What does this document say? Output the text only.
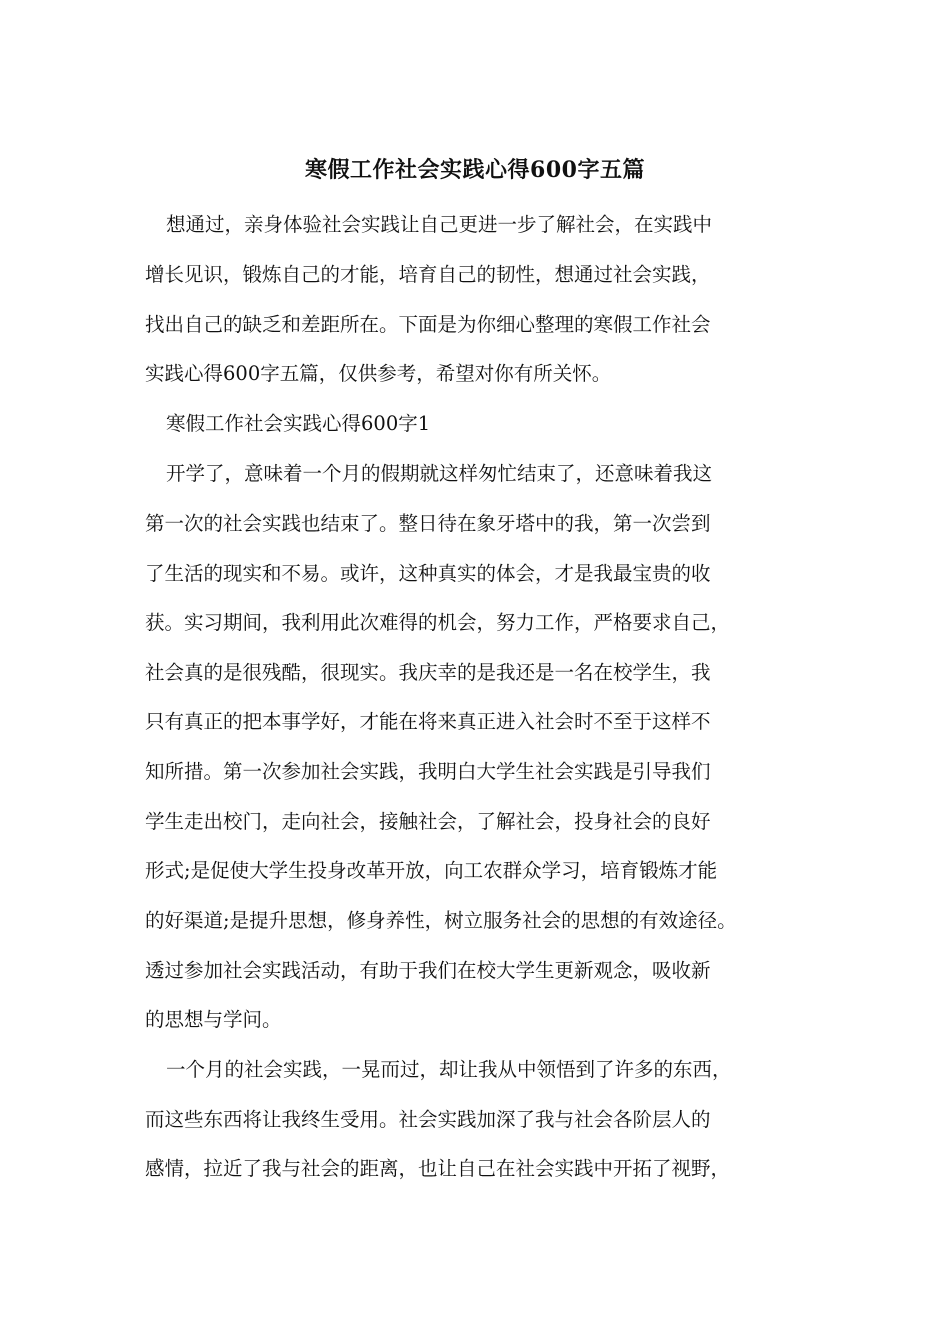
寒假工作社会实践心得600字五篇
想通过，亲身体验社会实践让自己更进一步了解社会，在实践中
增长见识，锻炼自己的才能，培育自己的韧性，想通过社会实践，
找出自己的缺乏和差距所在。下面是为你细心整理的寒假工作社会
实践心得600字五篇，仅供参考，希望对你有所关怀。
寒假工作社会实践心得600字1
开学了，意味着一个月的假期就这样匆忙结束了，还意味着我这
第一次的社会实践也结束了。整日待在象牙塔中的我，第一次尝到
了生活的现实和不易。或许，这种真实的体会，才是我最宝贵的收
获。实习期间，我利用此次难得的机会，努力工作，严格要求自己，
社会真的是很残酷，很现实。我庆幸的是我还是一名在校学生，我
只有真正的把本事学好，才能在将来真正进入社会时不至于这样不
知所措。第一次参加社会实践，我明白大学生社会实践是引导我们
学生走出校门，走向社会，接触社会，了解社会，投身社会的良好
形式;是促使大学生投身改革开放，向工农群众学习，培育锻炼才能
的好渠道;是提升思想，修身养性，树立服务社会的思想的有效途径。
透过参加社会实践活动，有助于我们在校大学生更新观念，吸收新
的思想与学问。
一个月的社会实践，一晃而过，却让我从中领悟到了许多的东西，
而这些东西将让我终生受用。社会实践加深了我与社会各阶层人的
感情，拉近了我与社会的距离，也让自己在社会实践中开拓了视野，
